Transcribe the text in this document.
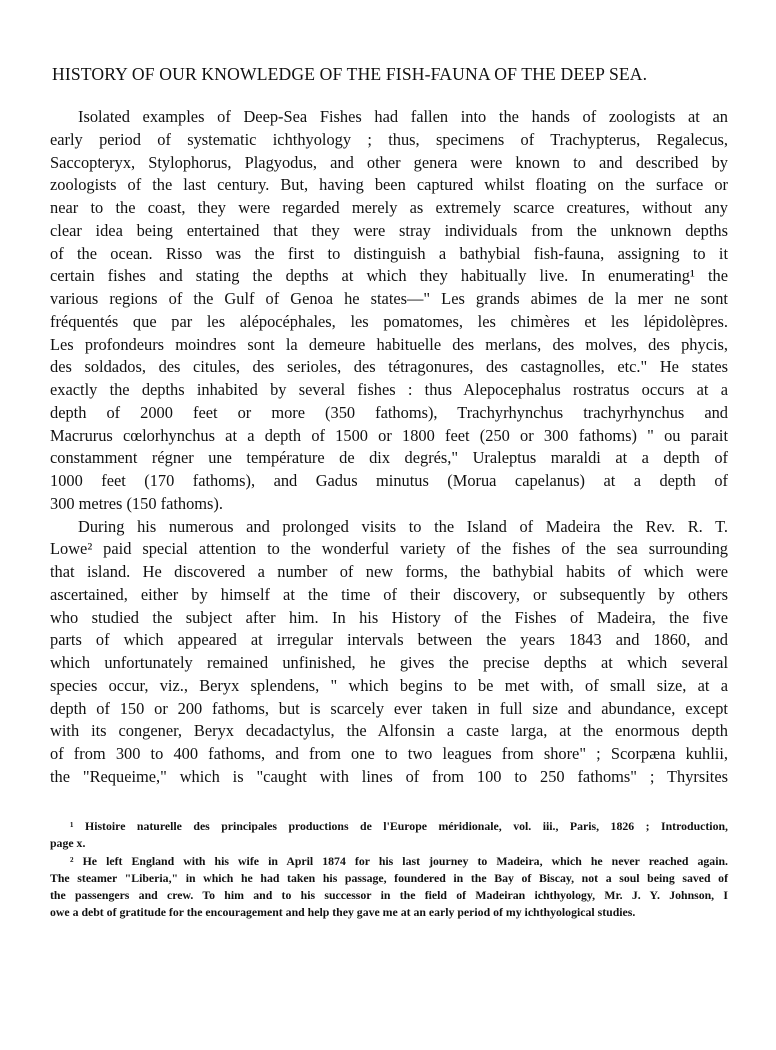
HISTORY OF OUR KNOWLEDGE OF THE FISH-FAUNA OF THE DEEP SEA.
Isolated examples of Deep-Sea Fishes had fallen into the hands of zoologists at an
early period of systematic ichthyology ; thus, specimens of Trachypterus, Regalecus,
Saccopteryx, Stylophorus, Plagyodus, and other genera were known to and described by
zoologists of the last century. But, having been captured whilst floating on the surface or
near to the coast, they were regarded merely as extremely scarce creatures, without any
clear idea being entertained that they were stray individuals from the unknown depths
of the ocean. Risso was the first to distinguish a bathybial fish-fauna, assigning to it
certain fishes and stating the depths at which they habitually live. In enumerating¹ the
various regions of the Gulf of Genoa he states—" Les grands abimes de la mer ne sont
fréquentés que par les alépocéphales, les pomatomes, les chimères et les lépidolèpres.
Les profondeurs moindres sont la demeure habituelle des merlans, des molves, des phycis,
des soldados, des citules, des serioles, des tétragonures, des castagnolles, etc." He states
exactly the depths inhabited by several fishes : thus Alepocephalus rostratus occurs at a
depth of 2000 feet or more (350 fathoms), Trachyrhynchus trachyrhynchus and
Macrurus cœlorhynchus at a depth of 1500 or 1800 feet (250 or 300 fathoms) " ou parait
constamment régner une température de dix degrés," Uraleptus maraldi at a depth of
1000 feet (170 fathoms), and Gadus minutus (Morua capelanus) at a depth of
300 metres (150 fathoms).
During his numerous and prolonged visits to the Island of Madeira the Rev. R. T.
Lowe² paid special attention to the wonderful variety of the fishes of the sea surrounding
that island. He discovered a number of new forms, the bathybial habits of which were
ascertained, either by himself at the time of their discovery, or subsequently by others
who studied the subject after him. In his History of the Fishes of Madeira, the five
parts of which appeared at irregular intervals between the years 1843 and 1860, and
which unfortunately remained unfinished, he gives the precise depths at which several
species occur, viz., Beryx splendens, " which begins to be met with, of small size, at a
depth of 150 or 200 fathoms, but is scarcely ever taken in full size and abundance, except
with its congener, Beryx decadactylus, the Alfonsin a caste larga, at the enormous depth
of from 300 to 400 fathoms, and from one to two leagues from shore" ; Scorpæna kuhlii,
the "Requeime," which is "caught with lines of from 100 to 250 fathoms" ; Thyrsites
¹ Histoire naturelle des principales productions de l'Europe méridionale, vol. iii., Paris, 1826 ; Introduction,
page x.
² He left England with his wife in April 1874 for his last journey to Madeira, which he never reached again.
The steamer "Liberia," in which he had taken his passage, foundered in the Bay of Biscay, not a soul being saved of
the passengers and crew. To him and to his successor in the field of Madeiran ichthyology, Mr. J. Y. Johnson, I
owe a debt of gratitude for the encouragement and help they gave me at an early period of my ichthyological studies.
